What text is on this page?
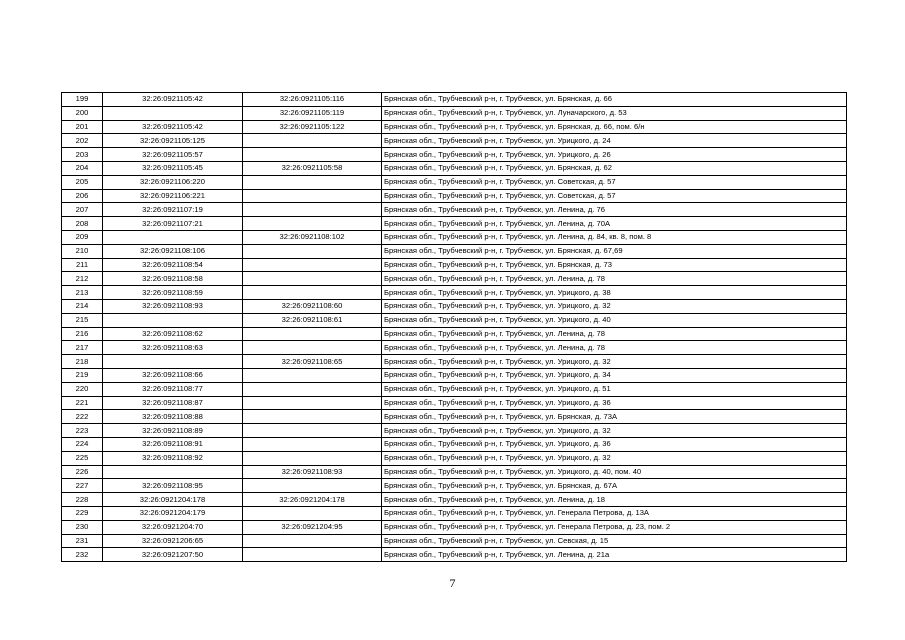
199	32:26:0921105:42	32:26:0921105:116	Брянская обл., Трубчевский р-н, г. Трубчевск, ул. Брянская, д. 66
200		32:26:0921105:119	Брянская обл., Трубчевский р-н, г. Трубчевск, ул. Луначарского, д. 53
201	32:26:0921105:42	32:26:0921105:122	Брянская обл., Трубчевский р-н, г. Трубчевск, ул. Брянская, д. 66, пом. 6/н
202	32:26:0921105:125		Брянская обл., Трубчевский р-н, г. Трубчевск, ул. Урицкого, д. 24
203	32:26:0921105:57		Брянская обл., Трубчевский р-н, г. Трубчевск, ул. Урицкого, д. 26
204	32:26:0921105:45	32:26:0921105:58	Брянская обл., Трубчевский р-н, г. Трубчевск, ул. Брянская, д. 62
205	32:26:0921106:220		Брянская обл., Трубчевский р-н, г. Трубчевск, ул. Советская, д. 57
206	32:26:0921106:221		Брянская обл., Трубчевский р-н, г. Трубчевск, ул. Советская, д. 57
207	32:26:0921107:19		Брянская обл., Трубчевский р-н, г. Трубчевск, ул. Ленина, д. 76
208	32:26:0921107:21		Брянская обл., Трубчевский р-н, г. Трубчевск, ул. Ленина, д. 70А
209		32:26:0921108:102	Брянская обл., Трубчевский р-н, г. Трубчевск, ул. Ленина, д. 84, кв. 8, пом. 8
210	32:26:0921108:106		Брянская обл., Трубчевский р-н, г. Трубчевск, ул. Брянская, д. 67,69
211	32:26:0921108:54		Брянская обл., Трубчевский р-н, г. Трубчевск, ул. Брянская, д. 73
212	32:26:0921108:58		Брянская обл., Трубчевский р-н, г. Трубчевск, ул. Ленина, д. 78
213	32:26:0921108:59		Брянская обл., Трубчевский р-н, г. Трубчевск, ул. Урицкого, д. 38
214	32:26:0921108:93	32:26:0921108:60	Брянская обл., Трубчевский р-н, г. Трубчевск, ул. Урицкого, д. 32
215		32:26:0921108:61	Брянская обл., Трубчевский р-н, г. Трубчевск, ул. Урицкого, д. 40
216	32:26:0921108:62		Брянская обл., Трубчевский р-н, г. Трубчевск, ул. Ленина, д. 78
217	32:26:0921108:63		Брянская обл., Трубчевский р-н, г. Трубчевск, ул. Ленина, д. 78
218		32:26:0921108:65	Брянская обл., Трубчевский р-н, г. Трубчевск, ул. Урицкого, д. 32
219	32:26:0921108:66		Брянская обл., Трубчевский р-н, г. Трубчевск, ул. Урицкого, д. 34
220	32:26:0921108:77		Брянская обл., Трубчевский р-н, г. Трубчевск, ул. Урицкого, д. 51
221	32:26:0921108:87		Брянская обл., Трубчевский р-н, г. Трубчевск, ул. Урицкого, д. 36
222	32:26:0921108:88		Брянская обл., Трубчевский р-н, г. Трубчевск, ул. Брянская, д. 73А
223	32:26:0921108:89		Брянская обл., Трубчевский р-н, г. Трубчевск, ул. Урицкого, д. 32
224	32:26:0921108:91		Брянская обл., Трубчевский р-н, г. Трубчевск, ул. Урицкого, д. 36
225	32:26:0921108:92		Брянская обл., Трубчевский р-н, г. Трубчевск, ул. Урицкого, д. 32
226		32:26:0921108:93	Брянская обл., Трубчевский р-н, г. Трубчевск, ул. Урицкого, д. 40, пом. 40
227	32:26:0921108:95		Брянская обл., Трубчевский р-н, г. Трубчевск, ул. Брянская, д. 67А
228	32:26:0921204:178	32:26:0921204:178	Брянская обл., Трубчевский р-н, г. Трубчевск, ул. Ленина, д. 18
229	32:26:0921204:179		Брянская обл., Трубчевский р-н, г. Трубчевск, ул. Генерала Петрова, д. 13А
230	32:26:0921204:70	32:26:0921204:95	Брянская обл., Трубчевский р-н, г. Трубчевск, ул. Генерала Петрова, д. 23, пом. 2
231	32:26:0921206:65		Брянская обл., Трубчевский р-н, г. Трубчевск, ул. Севская, д. 15
232	32:26:0921207:50		Брянская обл., Трубчевский р-н, г. Трубчевск, ул. Ленина, д. 21а
7
